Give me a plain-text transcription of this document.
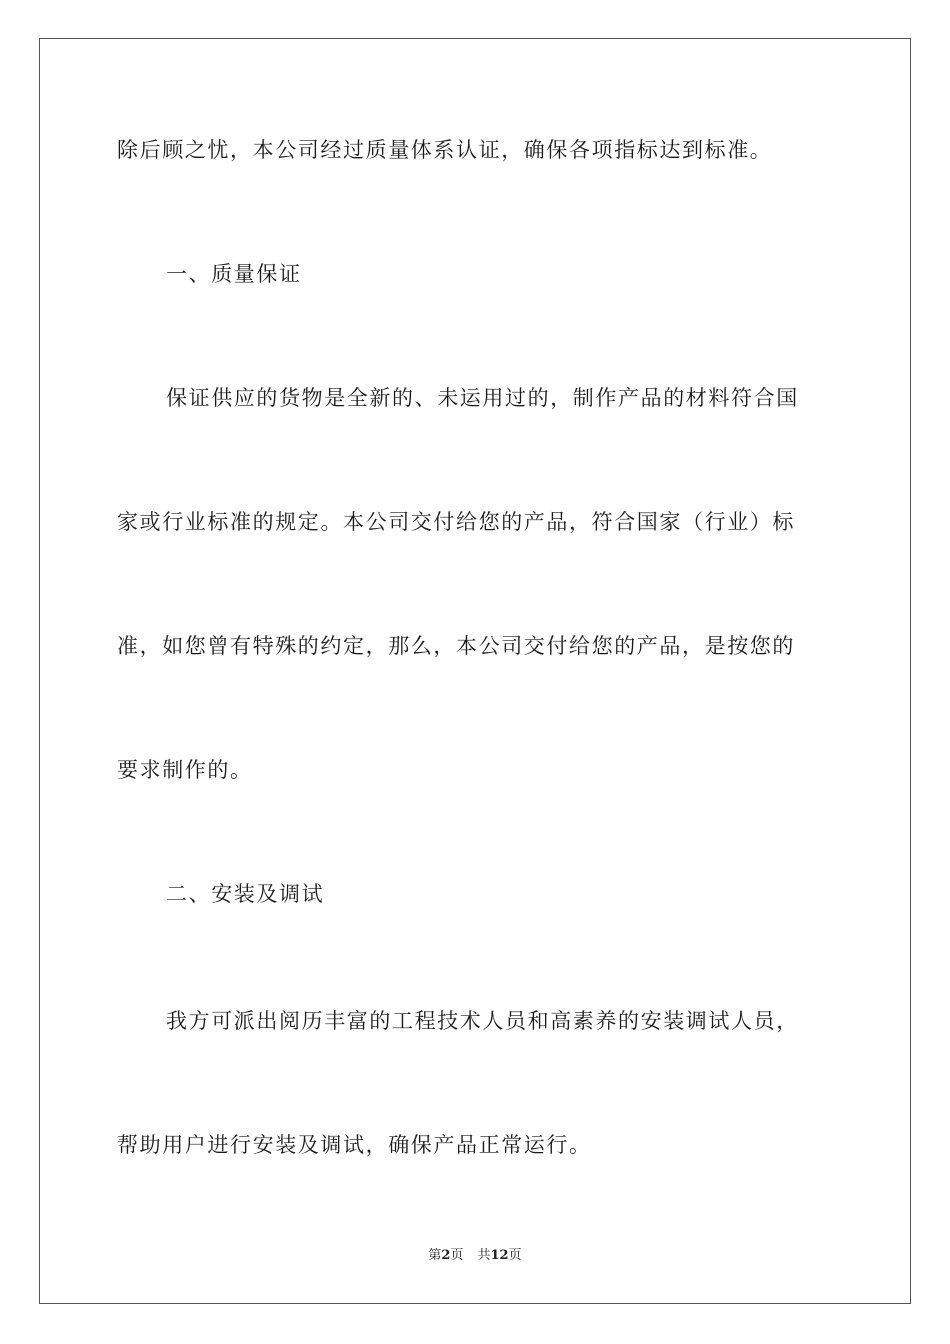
除后顾之忧，本公司经过质量体系认证，确保各项指标达到标准。
一、质量保证
保证供应的货物是全新的、未运用过的，制作产品的材料符合国
家或行业标准的规定。本公司交付给您的产品，符合国家（行业）标
准，如您曾有特殊的约定，那么，本公司交付给您的产品，是按您的
要求制作的。
二、安装及调试
我方可派出阅历丰富的工程技术人员和高素养的安装调试人员，
帮助用户进行安装及调试，确保产品正常运行。
第2页 共12页
